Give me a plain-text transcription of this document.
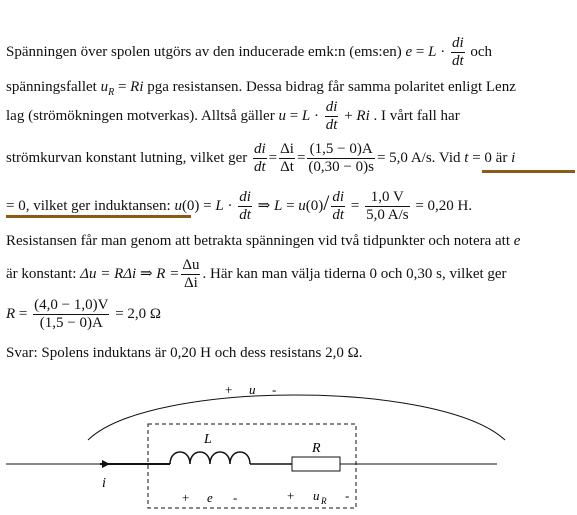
Spänningen över spolen utgörs av den inducerade emk:n (ems:en) $e = L \cdot \frac{di}{dt}$ och
spänningsfallet $u_R = Ri$ pga resistansen. Dessa bidrag får samma polaritet enligt Lenz
lag (strömökningen motverkas). Alltså gäller $u = L \cdot \frac{di}{dt} + Ri$ . I vårt fall har
strömkurvan konstant lutning, vilket ger $\frac{di}{dt} = \frac{\Delta i}{\Delta t} = \frac{(1,5 - 0)A}{(0,30 - 0)s} = 5,0$ A/s. Vid t = 0 är i
= 0, vilket ger induktansen: $u(0) = L \cdot \frac{di}{dt}$ ⇒ $L = u(0)/ \frac{di}{dt} = \frac{1,0 V}{5,0 A/s} = 0,20$ H.
Resistansen får man genom att betrakta spänningen vid två tidpunkter och notera att e
är konstant: Δu = RΔi ⇒ $R = \frac{\Delta u}{\Delta i}$ . Här kan man välja tiderna 0 och 0,30 s, vilket ger
$R = \frac{(4,0 - 1,0)V}{(1,5 - 0)A} = 2,0$ Ω
Svar: Spolens induktans är 0,20 H och dess resistans 2,0 Ω.
+ u -
L
R
i
+ e -	+ u R -
